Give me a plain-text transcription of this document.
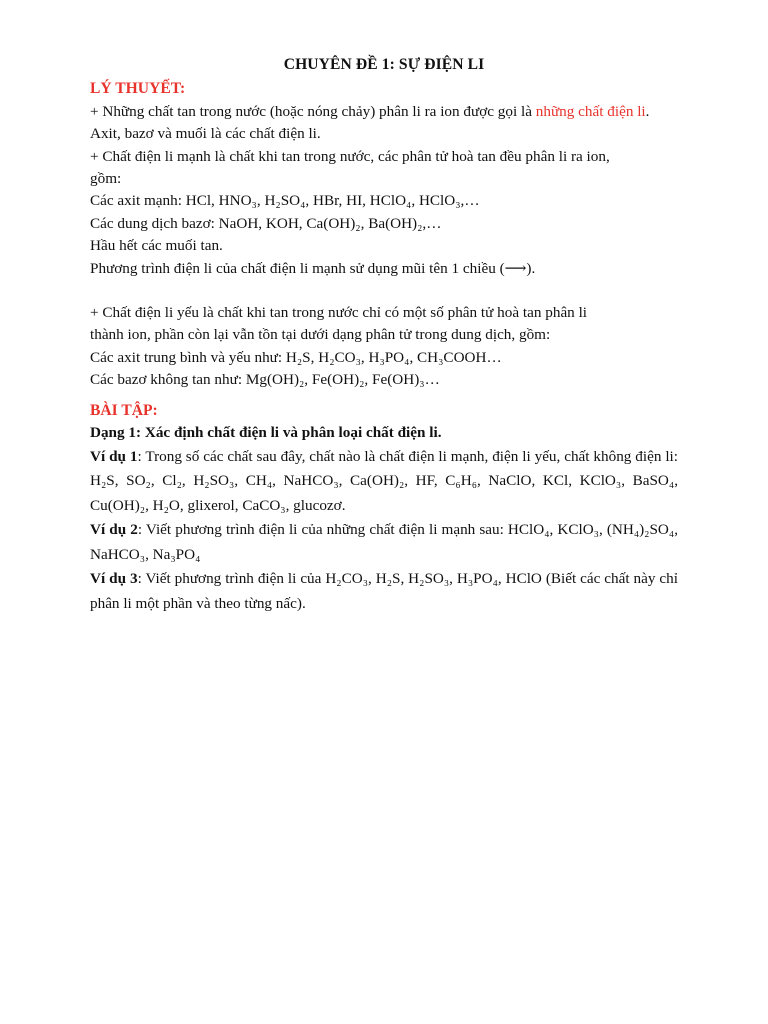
CHUYÊN ĐỀ 1: SỰ ĐIỆN LI

LÝ THUYẾT:

+ Những chất tan trong nước (hoặc nóng chảy) phân li ra ion được gọi là những chất điện li. Axit, bazơ và muối là các chất điện li.

+ Chất điện li mạnh là chất khi tan trong nước, các phân tử hoà tan đều phân li ra ion,

gồm:

Các axit mạnh: HCl, HNO₃, H₂SO₄, HBr, HI, HClO₄, HClO₃,…

Các dung dịch bazơ: NaOH, KOH, Ca(OH)₂, Ba(OH)₂,…

Hầu hết các muối tan.

Phương trình điện li của chất điện li mạnh sử dụng mũi tên 1 chiều (⟶).

+ Chất điện li yếu là chất khi tan trong nước chỉ có một số phân tử hoà tan phân li

thành ion, phần còn lại vẫn tồn tại dưới dạng phân tử trong dung dịch, gồm:

Các axit trung bình và yếu như: H₂S, H₂CO₃, H₃PO₄, CH₃COOH…

Các bazơ không tan như: Mg(OH)₂, Fe(OH)₂, Fe(OH)₃…

BÀI TẬP:

Dạng 1: Xác định chất điện li và phân loại chất điện li.

Ví dụ 1: Trong số các chất sau đây, chất nào là chất điện li mạnh, điện li yếu, chất không điện li: H₂S, SO₂, Cl₂, H₂SO₃, CH₄, NaHCO₃, Ca(OH)₂, HF, C₆H₆, NaClO, KCl, KClO₃, BaSO₄, Cu(OH)₂, H₂O, glixerol, CaCO₃, glucozơ.

Ví dụ 2: Viết phương trình điện li của những chất điện li mạnh sau: HClO₄, KClO₃, (NH₄)₂SO₄, NaHCO₃, Na₃PO₄

Ví dụ 3: Viết phương trình điện li của H₂CO₃, H₂S, H₂SO₃, H₃PO₄, HClO (Biết các chất này chỉ phân li một phần và theo từng nấc).
